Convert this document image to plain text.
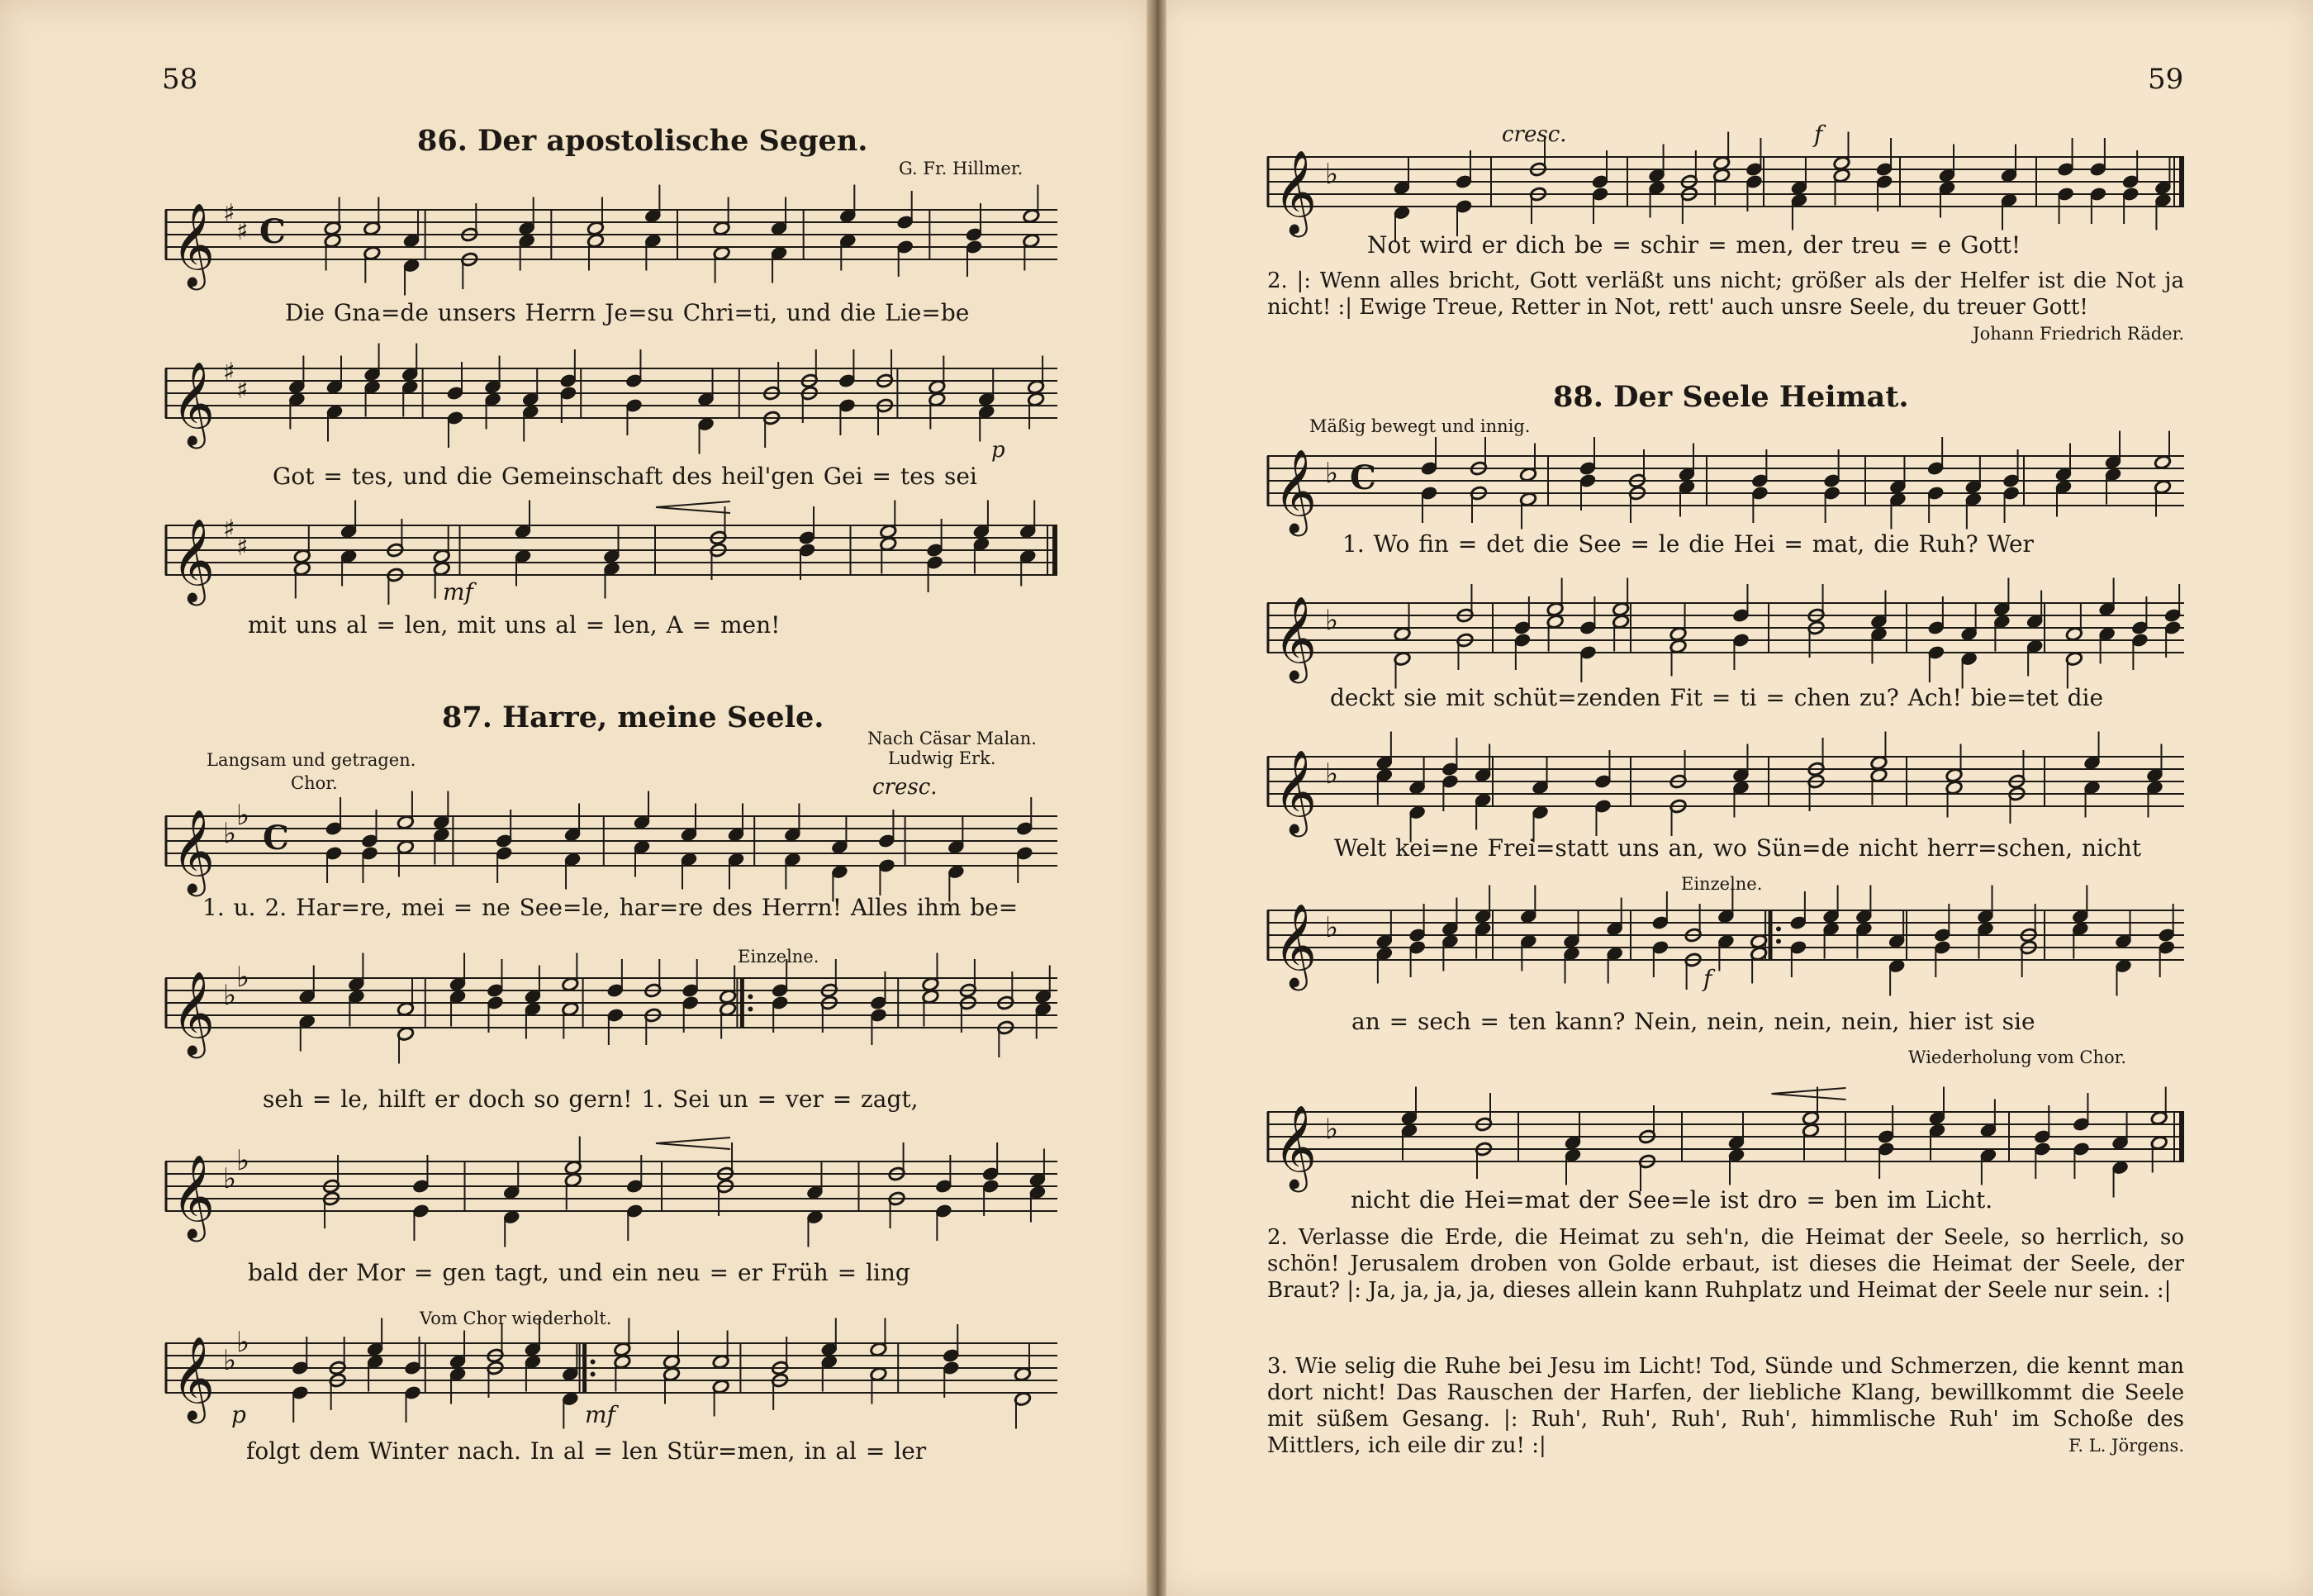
58
86. Der apostolische Segen.
G. Fr. Hillmer.
𝄞 ♯
♯ C
Die Gna=de unsers Herrn Je=su Chri=ti, und die Lie=be
𝄞 ♯
♯
p
Got = tes, und die Gemeinschaft des heil'gen Gei = tes sei
𝄞 ♯
♯
mf
mit uns al = len, mit uns al = len, A = men!
87. Harre, meine Seele.
Nach Cäsar Malan.
Ludwig Erk.
Langsam und getragen.
Chor.	cresc.
𝄞 ♭
♭
C
1. u. 2. Har=re, mei = ne See=le, har=re des Herrn! Alles ihm be=
Einzelne.
𝄞 ♭
♭
seh = le, hilft er doch so gern! 1. Sei un = ver = zagt,
𝄞 ♭
♭
bald der Mor = gen tagt, und ein neu = er Früh = ling
Vom Chor wiederholt.
𝄞 ♭
♭
p	mf
folgt dem Winter nach. In al = len Stür=men, in al = ler
59
cresc.	f
𝄞 ♭
Not wird er dich be = schir = men, der treu = e Gott!
2. |: Wenn alles bricht, Gott verläßt uns nicht; größer als der Helfer ist die Not ja nicht! :| Ewige Treue, Retter in Not, rett' auch unsre Seele, du treuer Gott!
Johann Friedrich Räder.
88. Der Seele Heimat.
Mäßig bewegt und innig.
𝄞 ♭ C
1. Wo fin = det die See = le die Hei = mat, die Ruh? Wer
𝄞 ♭
deckt sie mit schüt=zenden Fit = ti = chen zu? Ach! bie=tet die
𝄞 ♭
Welt kei=ne Frei=statt uns an, wo Sün=de nicht herr=schen, nicht
Einzelne.
𝄞 ♭
f
an = sech = ten kann? Nein, nein, nein, nein, hier ist sie
Wiederholung vom Chor.
𝄞 ♭
nicht die Hei=mat der See=le ist dro = ben im Licht.
2. Verlasse die Erde, die Heimat zu seh'n, die Heimat der Seele, so herrlich, so schön! Jerusalem droben von Golde erbaut, ist dieses die Heimat der Seele, der Braut? |: Ja, ja, ja, ja, dieses allein kann Ruhplatz und Heimat der Seele nur sein. :|
3. Wie selig die Ruhe bei Jesu im Licht! Tod, Sünde und Schmerzen, die kennt man dort nicht! Das Rauschen der Harfen, der liebliche Klang, bewillkommt die Seele mit süßem Gesang. |: Ruh', Ruh', Ruh', Ruh', himmlische Ruh' im Schoße des Mittlers, ich eile dir zu! :|	F. L. Jörgens.
